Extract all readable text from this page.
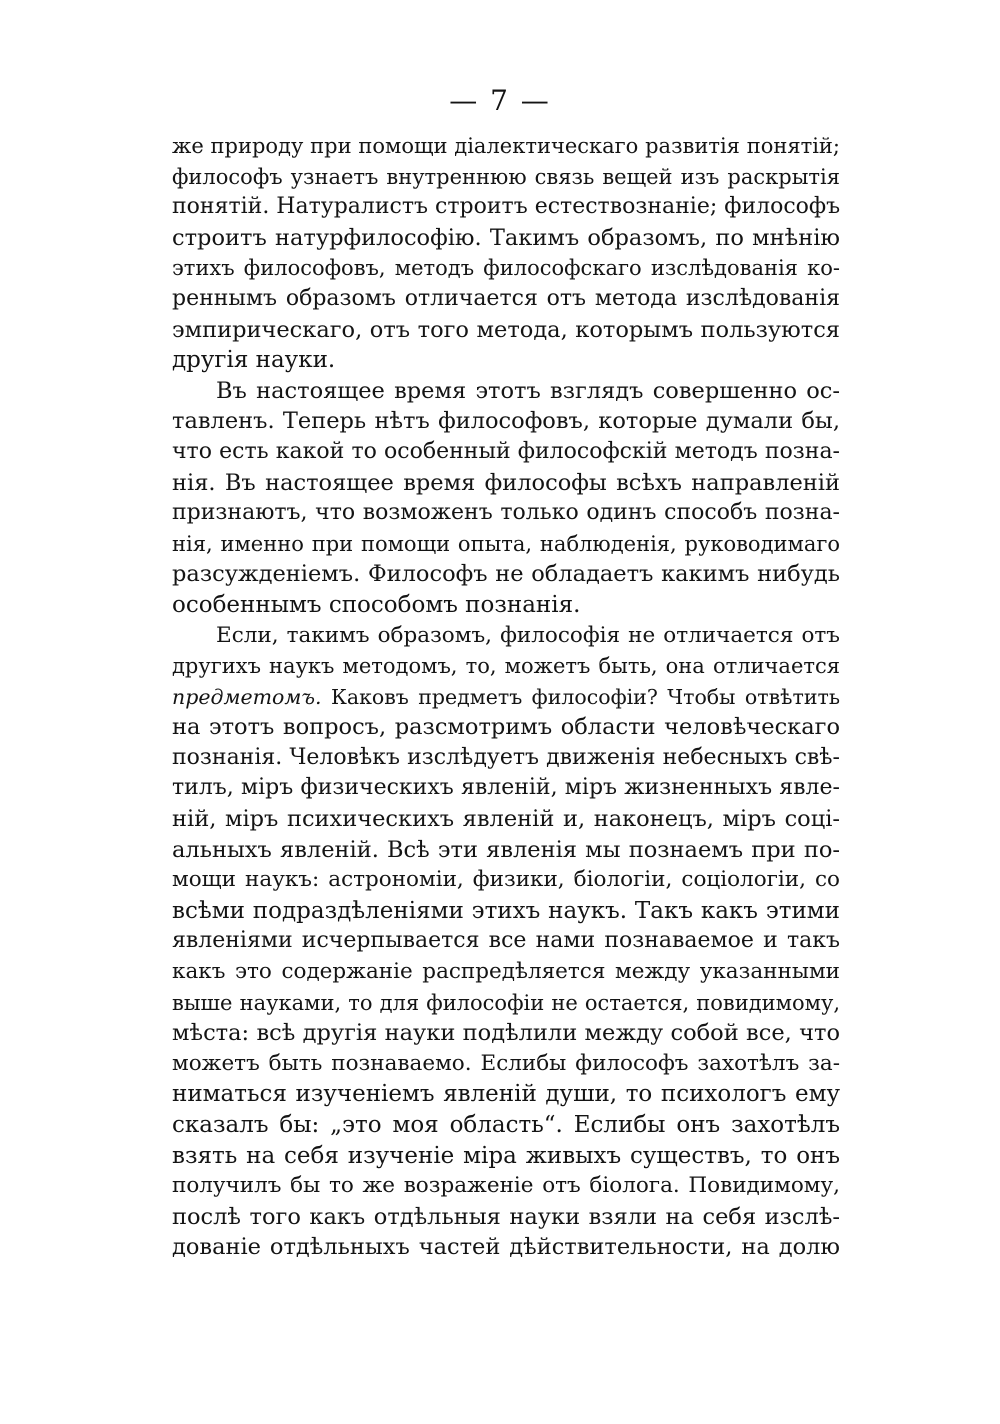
— 7 —
же природу при помощи діалектическаго развитія понятій;
философъ узнаетъ внутреннюю связь вещей изъ раскрытія
понятій. Натуралистъ строитъ естествознаніе; философъ
строитъ натурфилософію. Такимъ образомъ, по мнѣнію
этихъ философовъ, методъ философскаго изслѣдованія ко-
реннымъ образомъ отличается отъ метода изслѣдованія
эмпирическаго, отъ того метода, которымъ пользуются
другія науки.
Въ настоящее время этотъ взглядъ совершенно ос-
тавленъ. Теперь нѣтъ философовъ, которые думали бы,
что есть какой то особенный философскій методъ позна-
нія. Въ настоящее время философы всѣхъ направленій
признаютъ, что возможенъ только одинъ способъ позна-
нія, именно при помощи опыта, наблюденія, руководимаго
разсужденіемъ. Философъ не обладаетъ какимъ нибудь
особеннымъ способомъ познанія.
Если, такимъ образомъ, философія не отличается отъ
другихъ наукъ методомъ, то, можетъ быть, она отличается
предметомъ. Каковъ предметъ философіи? Чтобы отвѣтить
на этотъ вопросъ, разсмотримъ области человѣческаго
познанія. Человѣкъ изслѣдуетъ движенія небесныхъ свѣ-
тилъ, міръ физическихъ явленій, міръ жизненныхъ явле-
ній, міръ психическихъ явленій и, наконецъ, міръ соці-
альныхъ явленій. Всѣ эти явленія мы познаемъ при по-
мощи наукъ: астрономіи, физики, біологіи, соціологіи, со
всѣми подраздѣленіями этихъ наукъ. Такъ какъ этими
явленіями исчерпывается все нами познаваемое и такъ
какъ это содержаніе распредѣляется между указанными
выше науками, то для философіи не остается, повидимому,
мѣста: всѣ другія науки подѣлили между собой все, что
можетъ быть познаваемо. Еслибы философъ захотѣлъ за-
ниматься изученіемъ явленій души, то психологъ ему
сказалъ бы: „это моя область“. Еслибы онъ захотѣлъ
взять на себя изученіе міра живыхъ существъ, то онъ
получилъ бы то же возраженіе отъ біолога. Повидимому,
послѣ того какъ отдѣльныя науки взяли на себя изслѣ-
дованіе отдѣльныхъ частей дѣйствительности, на долю
